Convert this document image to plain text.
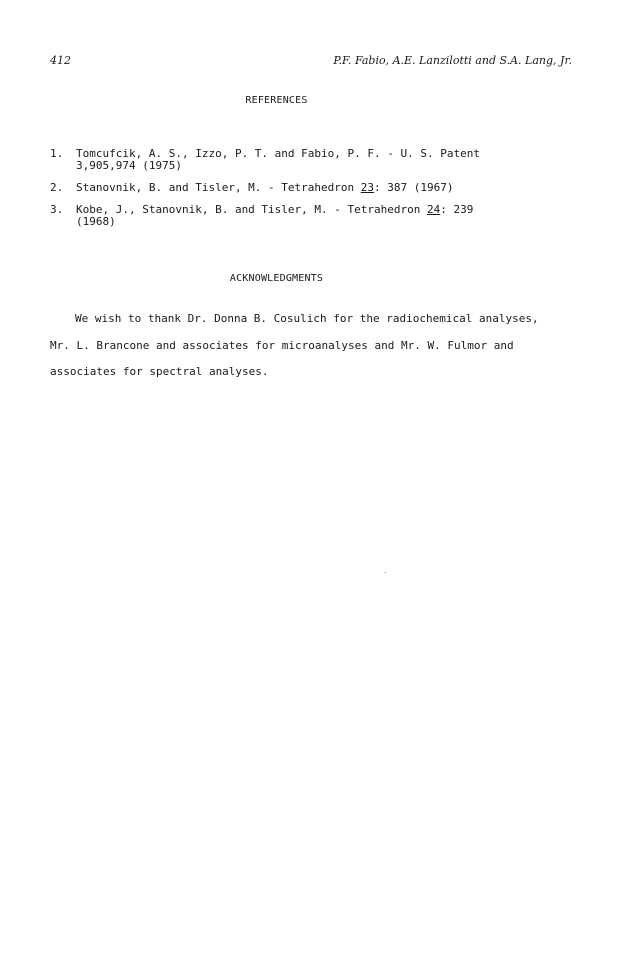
412	P.F. Fabio, A.E. Lanzilotti and S.A. Lang, Jr.
REFERENCES
1. Tomcufcik, A. S., Izzo, P. T. and Fabio, P. F. - U. S. Patent
3,905,974 (1975)
2. Stanovnik, B. and Tisler, M. - Tetrahedron 23: 387 (1967)
3. Kobe, J., Stanovnik, B. and Tisler, M. - Tetrahedron 24: 239
(1968)
ACKNOWLEDGMENTS

We wish to thank Dr. Donna B. Cosulich for the radiochemical analyses, Mr. L. Brancone and associates for microanalyses and Mr. W. Fulmor and associates for spectral analyses.
